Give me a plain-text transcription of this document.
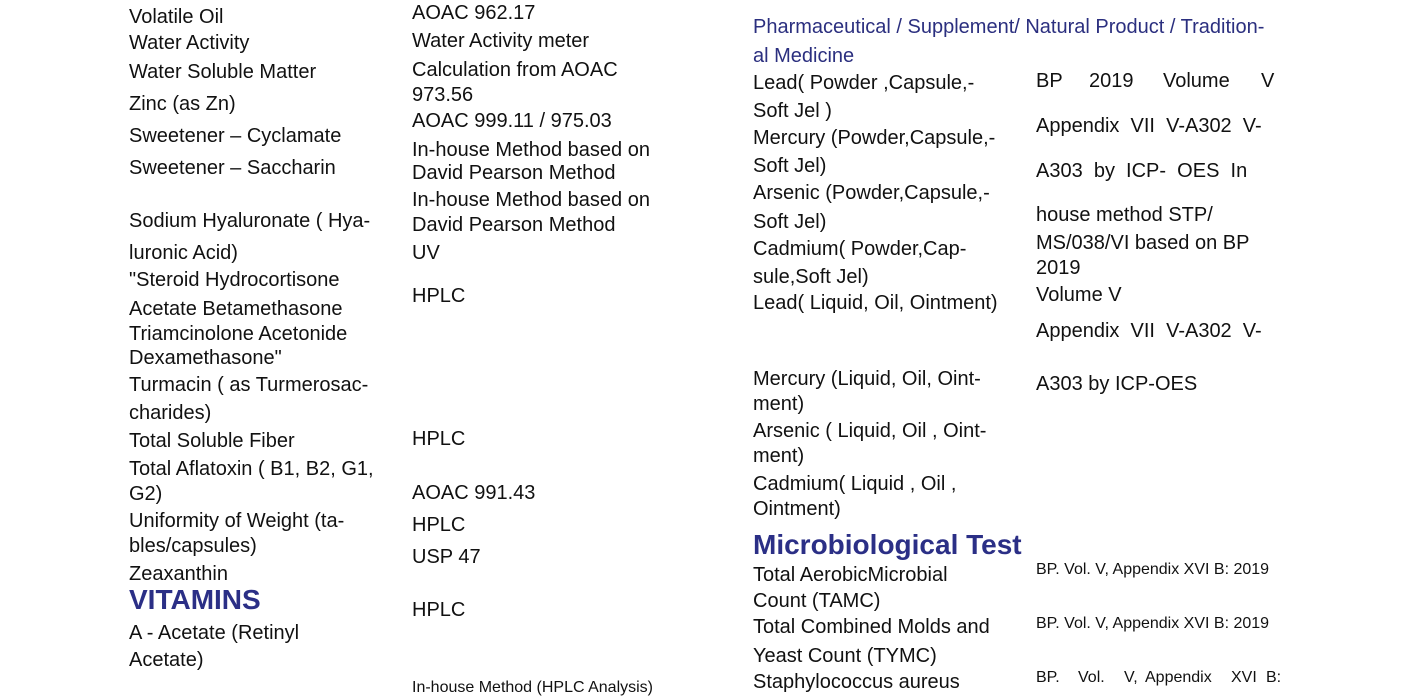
Volatile Oil
Water Activity
Water Soluble Matter
Zinc (as Zn)
Sweetener – Cyclamate
Sweetener – Saccharin
Sodium Hyaluronate ( Hya-
luronic Acid)
"Steroid Hydrocortisone
Acetate Betamethasone
Triamcinolone Acetonide
Dexamethasone"
Turmacin ( as Turmerosac-
charides)
Total Soluble Fiber
Total Aflatoxin ( B1, B2, G1,
G2)
Uniformity of Weight (ta-
bles/capsules)
Zeaxanthin
VITAMINS
A - Acetate (Retinyl
Acetate)
AOAC 962.17
Water Activity meter
Calculation from AOAC
973.56
AOAC 999.11 / 975.03
In-house Method based on
David Pearson Method
In-house Method based on
David Pearson Method
UV
HPLC
HPLC
AOAC 991.43
HPLC
USP 47
HPLC
In-house Method (HPLC Analysis)
Pharmaceutical / Supplement/ Natural Product / Tradition-
al Medicine
Lead( Powder ,Capsule,-
Soft Jel )
Mercury (Powder,Capsule,-
Soft Jel)
Arsenic (Powder,Capsule,-
Soft Jel)
Cadmium( Powder,Cap-
sule,Soft Jel)
Lead( Liquid, Oil, Ointment)
Mercury (Liquid, Oil, Oint-
ment)
Arsenic ( Liquid, Oil , Oint-
ment)
Cadmium( Liquid , Oil ,
Ointment)
BP 2019 Volume V
Appendix  VII  V-A302  V-
A303  by  ICP-  OES  In
house method STP/
MS/038/VI based on BP
2019
Volume V
Appendix  VII  V-A302  V-
A303 by ICP-OES
Microbiological Test
Total AerobicMicrobial
Count (TAMC)
Total Combined Molds and
Yeast Count (TYMC)
Staphylococcus aureus
BP. Vol. V, Appendix XVI B: 2019
BP. Vol. V, Appendix XVI B: 2019
BP. Vol. V, Appendix XVI B:
